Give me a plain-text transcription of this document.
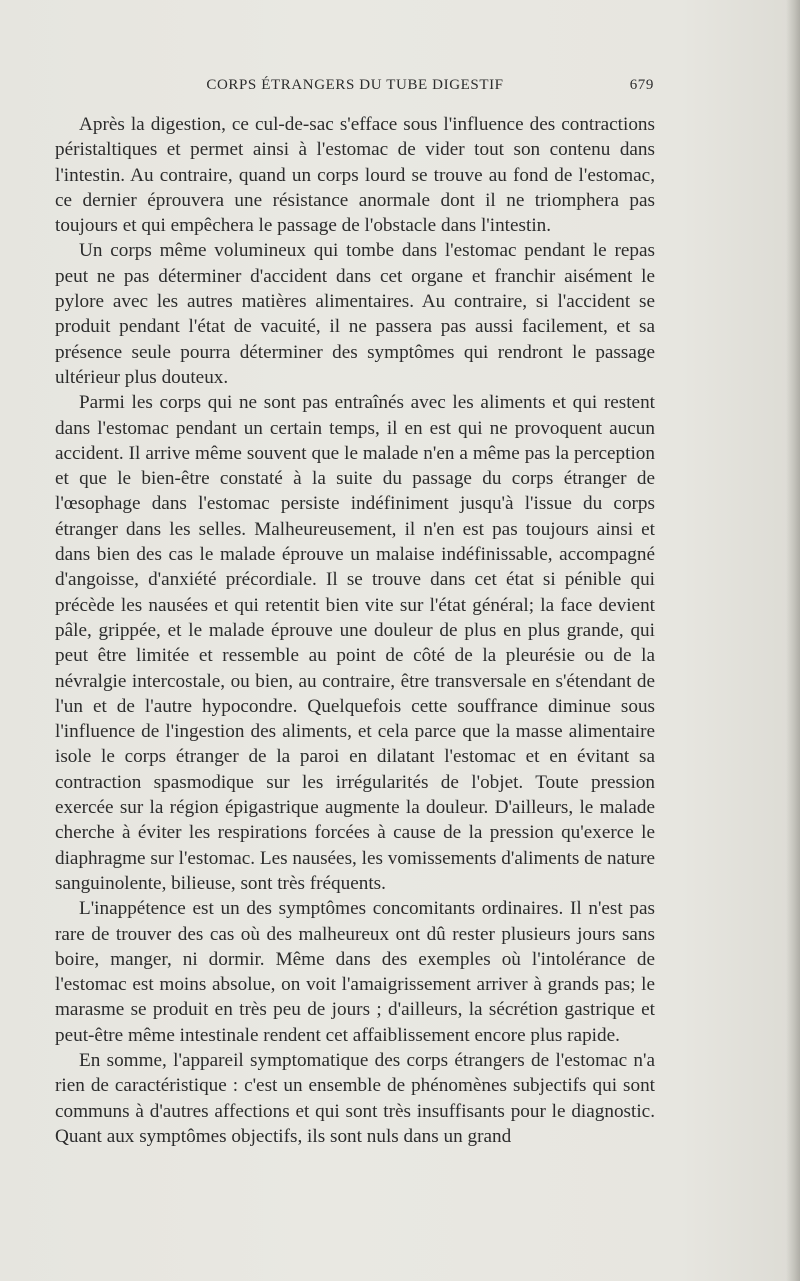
CORPS ÉTRANGERS DU TUBE DIGESTIF	679

Après la digestion, ce cul-de-sac s'efface sous l'influence des contractions péristaltiques et permet ainsi à l'estomac de vider tout son contenu dans l'intestin. Au contraire, quand un corps lourd se trouve au fond de l'estomac, ce dernier éprouvera une résistance anormale dont il ne triomphera pas toujours et qui empêchera le passage de l'obstacle dans l'intestin.

Un corps même volumineux qui tombe dans l'estomac pendant le repas peut ne pas déterminer d'accident dans cet organe et franchir aisément le pylore avec les autres matières alimentaires. Au contraire, si l'accident se produit pendant l'état de vacuité, il ne passera pas aussi facilement, et sa présence seule pourra déterminer des symptômes qui rendront le passage ultérieur plus douteux.

Parmi les corps qui ne sont pas entraînés avec les aliments et qui restent dans l'estomac pendant un certain temps, il en est qui ne provoquent aucun accident. Il arrive même souvent que le malade n'en a même pas la perception et que le bien-être constaté à la suite du passage du corps étranger de l'œsophage dans l'estomac persiste indéfiniment jusqu'à l'issue du corps étranger dans les selles. Malheureusement, il n'en est pas toujours ainsi et dans bien des cas le malade éprouve un malaise indéfinissable, accompagné d'angoisse, d'anxiété précordiale. Il se trouve dans cet état si pénible qui précède les nausées et qui retentit bien vite sur l'état général; la face devient pâle, grippée, et le malade éprouve une douleur de plus en plus grande, qui peut être limitée et ressemble au point de côté de la pleurésie ou de la névralgie intercostale, ou bien, au contraire, être transversale en s'étendant de l'un et de l'autre hypocondre. Quelquefois cette souffrance diminue sous l'influence de l'ingestion des aliments, et cela parce que la masse alimentaire isole le corps étranger de la paroi en dilatant l'estomac et en évitant sa contraction spasmodique sur les irrégularités de l'objet. Toute pression exercée sur la région épigastrique augmente la douleur. D'ailleurs, le malade cherche à éviter les respirations forcées à cause de la pression qu'exerce le diaphragme sur l'estomac. Les nausées, les vomissements d'aliments de nature sanguinolente, bilieuse, sont très fréquents.

L'inappétence est un des symptômes concomitants ordinaires. Il n'est pas rare de trouver des cas où des malheureux ont dû rester plusieurs jours sans boire, manger, ni dormir. Même dans des exemples où l'intolérance de l'estomac est moins absolue, on voit l'amaigrissement arriver à grands pas; le marasme se produit en très peu de jours ; d'ailleurs, la sécrétion gastrique et peut-être même intestinale rendent cet affaiblissement encore plus rapide.

En somme, l'appareil symptomatique des corps étrangers de l'estomac n'a rien de caractéristique : c'est un ensemble de phénomènes subjectifs qui sont communs à d'autres affections et qui sont très insuffisants pour le diagnostic. Quant aux symptômes objectifs, ils sont nuls dans un grand
